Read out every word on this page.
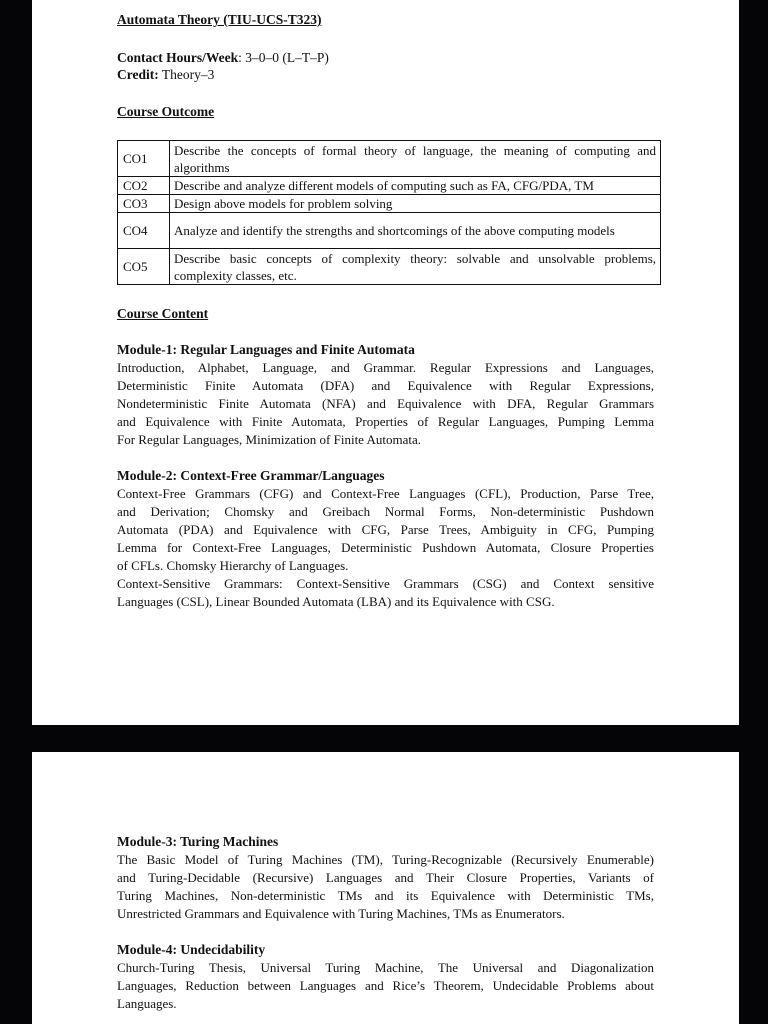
Automata Theory (TIU-UCS-T323)
Contact Hours/Week: 3–0–0 (L–T–P)
Credit: Theory–3
Course Outcome
CO1	Describe the concepts of formal theory of language, the meaning of computing and algorithms
CO2	Describe and analyze different models of computing such as FA, CFG/PDA, TM
CO3	Design above models for problem solving
CO4	Analyze and identify the strengths and shortcomings of the above computing models
CO5	Describe basic concepts of complexity theory: solvable and unsolvable problems, complexity classes, etc.
Course Content
Module-1: Regular Languages and Finite Automata
Introduction, Alphabet, Language, and Grammar. Regular Expressions and Languages,
Deterministic Finite Automata (DFA) and Equivalence with Regular Expressions,
Nondeterministic Finite Automata (NFA) and Equivalence with DFA, Regular Grammars
and Equivalence with Finite Automata, Properties of Regular Languages, Pumping Lemma
For Regular Languages, Minimization of Finite Automata.
Module-2: Context-Free Grammar/Languages
Context-Free Grammars (CFG) and Context-Free Languages (CFL), Production, Parse Tree,
and Derivation; Chomsky and Greibach Normal Forms, Non-deterministic Pushdown
Automata (PDA) and Equivalence with CFG, Parse Trees, Ambiguity in CFG, Pumping
Lemma for Context-Free Languages, Deterministic Pushdown Automata, Closure Properties
of CFLs. Chomsky Hierarchy of Languages.
Context-Sensitive Grammars: Context-Sensitive Grammars (CSG) and Context sensitive
Languages (CSL), Linear Bounded Automata (LBA) and its Equivalence with CSG.
Module-3: Turing Machines
The Basic Model of Turing Machines (TM), Turing-Recognizable (Recursively Enumerable)
and Turing-Decidable (Recursive) Languages and Their Closure Properties, Variants of
Turing Machines, Non-deterministic TMs and its Equivalence with Deterministic TMs,
Unrestricted Grammars and Equivalence with Turing Machines, TMs as Enumerators.
Module-4: Undecidability
Church-Turing Thesis, Universal Turing Machine, The Universal and Diagonalization
Languages, Reduction between Languages and Rice’s Theorem, Undecidable Problems about
Languages.
